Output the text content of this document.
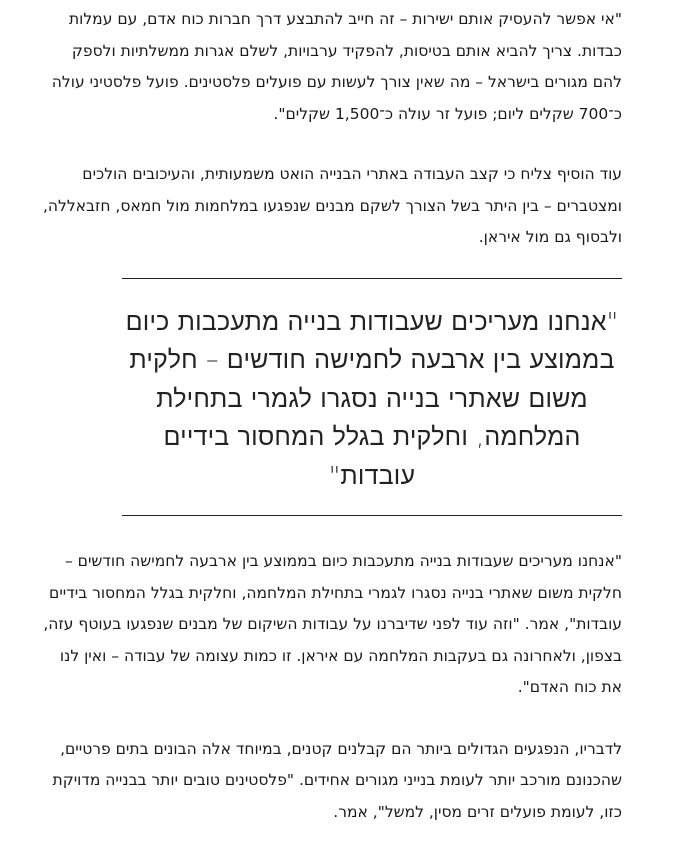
"אי אפשר להעסיק אותם ישירות – זה חייב להתבצע דרך חברות כוח אדם, עם עמלות כבדות. צריך להביא אותם בטיסות, להפקיד ערבויות, לשלם אגרות ממשלתיות ולספק להם מגורים בישראל – מה שאין צורך לעשות עם פועלים פלסטינים. פועל פלסטיני עולה כ־700 שקלים ליום; פועל זר עולה כ־1,500 שקלים".

עוד הוסיף צליח כי קצב העבודה באתרי הבנייה הואט משמעותית, והעיכובים הולכים ומצטברים – בין היתר בשל הצורך לשקם מבנים שנפגעו במלחמות מול חמאס, חזבאללה, ולבסוף גם מול איראן.

"אנחנו מעריכים שעבודות בנייה מתעכבות כיום בממוצע בין ארבעה לחמישה חודשים – חלקית משום שאתרי בנייה נסגרו לגמרי בתחילת המלחמה, וחלקית בגלל המחסור בידיים עובדות"

"אנחנו מעריכים שעבודות בנייה מתעכבות כיום בממוצע בין ארבעה לחמישה חודשים – חלקית משום שאתרי בנייה נסגרו לגמרי בתחילת המלחמה, וחלקית בגלל המחסור בידיים עובדות", אמר. "וזה עוד לפני שדיברנו על עבודות השיקום של מבנים שנפגעו בעוטף עזה, בצפון, ולאחרונה גם בעקבות המלחמה עם איראן. זו כמות עצומה של עבודה – ואין לנו את כוח האדם".

לדבריו, הנפגעים הגדולים ביותר הם קבלנים קטנים, במיוחד אלה הבונים בתים פרטיים, שהכנונם מורכב יותר לעומת בנייני מגורים אחידים. "פלסטינים טובים יותר בבנייה מדויקת כזו, לעומת פועלים זרים מסין, למשל", אמר.
